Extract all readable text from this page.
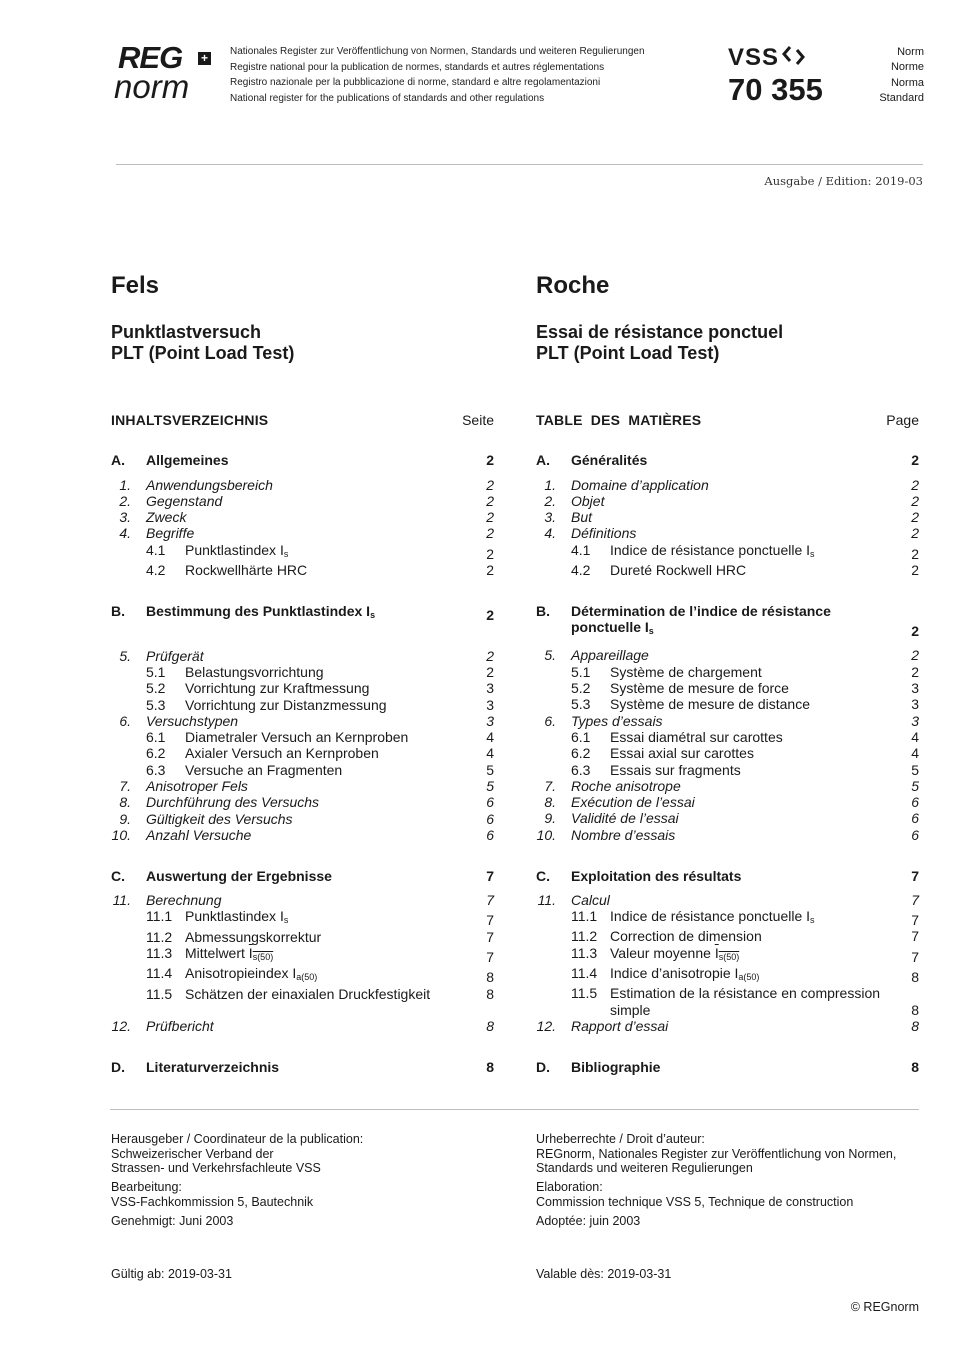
REG +
norm
Nationales Register zur Veröffentlichung von Normen, Standards und weiteren Regulierungen
Registre national pour la publication de normes, standards et autres réglementations
Registro nazionale per la pubblicazione di norme, standard e altre regolamentazioni
National register for the publications of standards and other regulations
VSS
70 355
Norm
Norme
Norma
Standard
Ausgabe / Edition: 2019-03
Fels	Roche
Punktlastversuch
PLT (Point Load Test)
Essai de résistance ponctuel
PLT (Point Load Test)
INHALTSVERZEICHNIS	Seite
A.	Allgemeines	2
1. Anwendungsbereich	2
2. Gegenstand	2
3. Zweck	2
4. Begriffe	2
4.1	Punktlastindex $I_s$	2
4.2	Rockwellhärte HRC	2
B.	Bestimmung des Punktlastindex $I_s$	2
5. Prüfgerät	2
5.1	Belastungsvorrichtung	2
5.2	Vorrichtung zur Kraftmessung	3
5.3	Vorrichtung zur Distanzmessung	3
6. Versuchstypen	3
6.1	Diametraler Versuch an Kernproben	4
6.2	Axialer Versuch an Kernproben	4
6.3	Versuche an Fragmenten	5
7. Anisotroper Fels	5
8. Durchführung des Versuchs	6
9. Gültigkeit des Versuchs	6
10. Anzahl Versuche	6
C.	Auswertung der Ergebnisse	7
11. Berechnung	7
11.1 Punktlastindex $I_s$	7
11.2 Abmessungskorrektur	7
11.3 Mittelwert $I_{s(50)}$	7
11.4 Anisotropieindex $I_{a(50)}$	8
11.5 Schätzen der einaxialen Druckfestigkeit	8
12. Prüfbericht	8
D.	Literaturverzeichnis	8
TABLE  DES  MATIÈRES	Page
A.	Généralités	2
1. Domaine d’application	2
2. Objet	2
3. But	2
4. Définitions	2
4.1	Indice de résistance ponctuelle $I_s$	2
4.2	Dureté Rockwell HRC	2
B.	Détermination de l’indice de résistance ponctuelle $I_s$	2
5. Appareillage	2
5.1	Système de chargement	2
5.2	Système de mesure de force	3
5.3	Système de mesure de distance	3
6. Types d’essais	3
6.1	Essai diamétral sur carottes	4
6.2	Essai axial sur carottes	4
6.3	Essais sur fragments	5
7. Roche anisotrope	5
8. Exécution de l’essai	6
9. Validité de l’essai	6
10. Nombre d’essais	6
C.	Exploitation des résultats	7
11. Calcul	7
11.1 Indice de résistance ponctuelle $I_s$	7
11.2 Correction de dimension	7
11.3 Valeur moyenne $I_{s(50)}$	7
11.4 Indice d’anisotropie $I_{a(50)}$	8
11.5 Estimation de la résistance en compression simple	8
12. Rapport d’essai	8
D.	Bibliographie	8
Herausgeber / Coordinateur de la publication:
Schweizerischer Verband der
Strassen- und Verkehrsfachleute VSS
Bearbeitung:
VSS-Fachkommission 5, Bautechnik
Genehmigt: Juni 2003
Urheberrechte / Droit d’auteur:
REGnorm, Nationales Register zur Veröffentlichung von Normen,
Standards und weiteren Regulierungen
Elaboration:
Commission technique VSS 5, Technique de construction
Adoptée: juin 2003
Gültig ab: 2019-03-31	Valable dès: 2019-03-31
© REGnorm
